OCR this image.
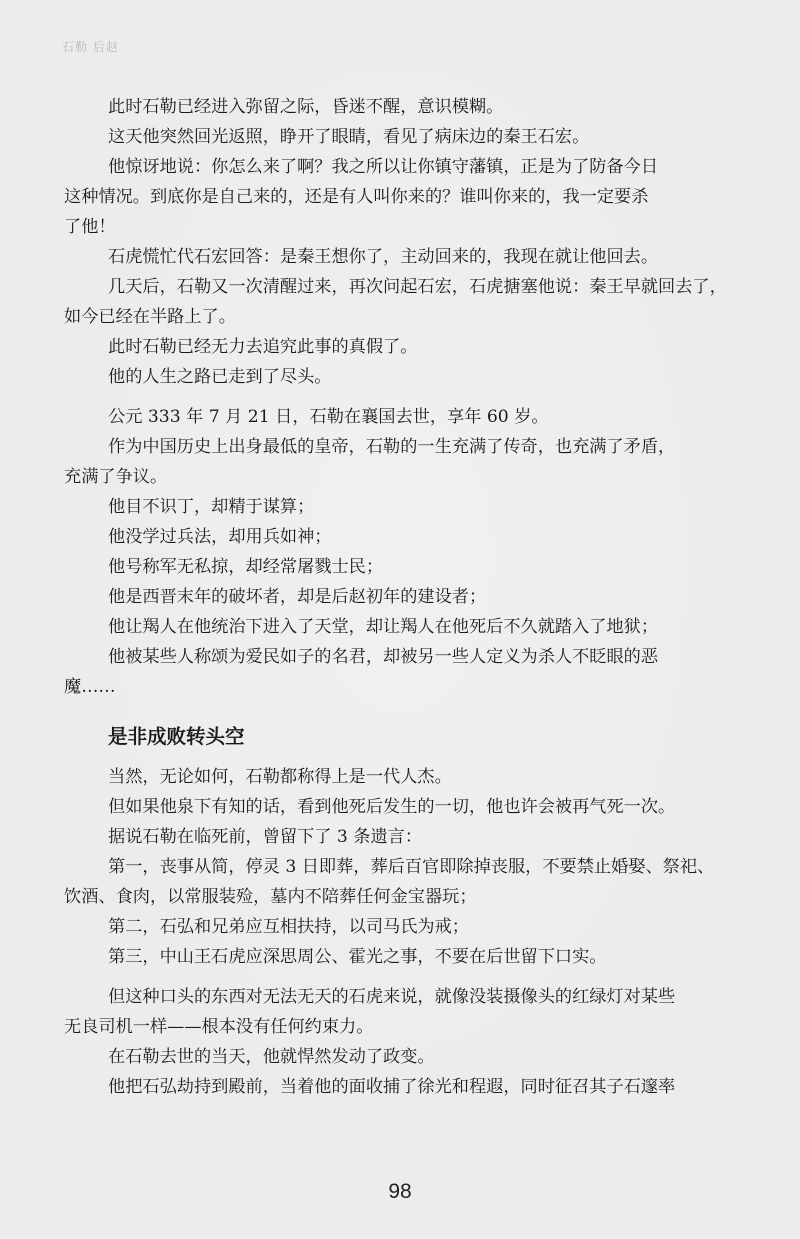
石勒 后赵

此时石勒已经进入弥留之际，昏迷不醒，意识模糊。

这天他突然回光返照，睁开了眼睛，看见了病床边的秦王石宏。

他惊讶地说：你怎么来了啊？我之所以让你镇守藩镇，正是为了防备今日
这种情况。到底你是自己来的，还是有人叫你来的？谁叫你来的，我一定要杀
了他！

石虎慌忙代石宏回答：是秦王想你了，主动回来的，我现在就让他回去。

几天后，石勒又一次清醒过来，再次问起石宏，石虎搪塞他说：秦王早就回去了，
如今已经在半路上了。

此时石勒已经无力去追究此事的真假了。

他的人生之路已走到了尽头。

公元 333 年 7 月 21 日，石勒在襄国去世，享年 60 岁。

作为中国历史上出身最低的皇帝，石勒的一生充满了传奇，也充满了矛盾，
充满了争议。

他目不识丁，却精于谋算；

他没学过兵法，却用兵如神；

他号称军无私掠，却经常屠戮士民；

他是西晋末年的破坏者，却是后赵初年的建设者；

他让羯人在他统治下进入了天堂，却让羯人在他死后不久就踏入了地狱；

他被某些人称颂为爱民如子的名君，却被另一些人定义为杀人不眨眼的恶
魔……

是非成败转头空

当然，无论如何，石勒都称得上是一代人杰。

但如果他泉下有知的话，看到他死后发生的一切，他也许会被再气死一次。

据说石勒在临死前，曾留下了 3 条遗言：

第一，丧事从简，停灵 3 日即葬，葬后百官即除掉丧服，不要禁止婚娶、祭祀、
饮酒、食肉，以常服装殓，墓内不陪葬任何金宝器玩；

第二，石弘和兄弟应互相扶持，以司马氏为戒；

第三，中山王石虎应深思周公、霍光之事，不要在后世留下口实。

但这种口头的东西对无法无天的石虎来说，就像没装摄像头的红绿灯对某些
无良司机一样——根本没有任何约束力。

在石勒去世的当天，他就悍然发动了政变。

他把石弘劫持到殿前，当着他的面收捕了徐光和程遐，同时征召其子石邃率

98
